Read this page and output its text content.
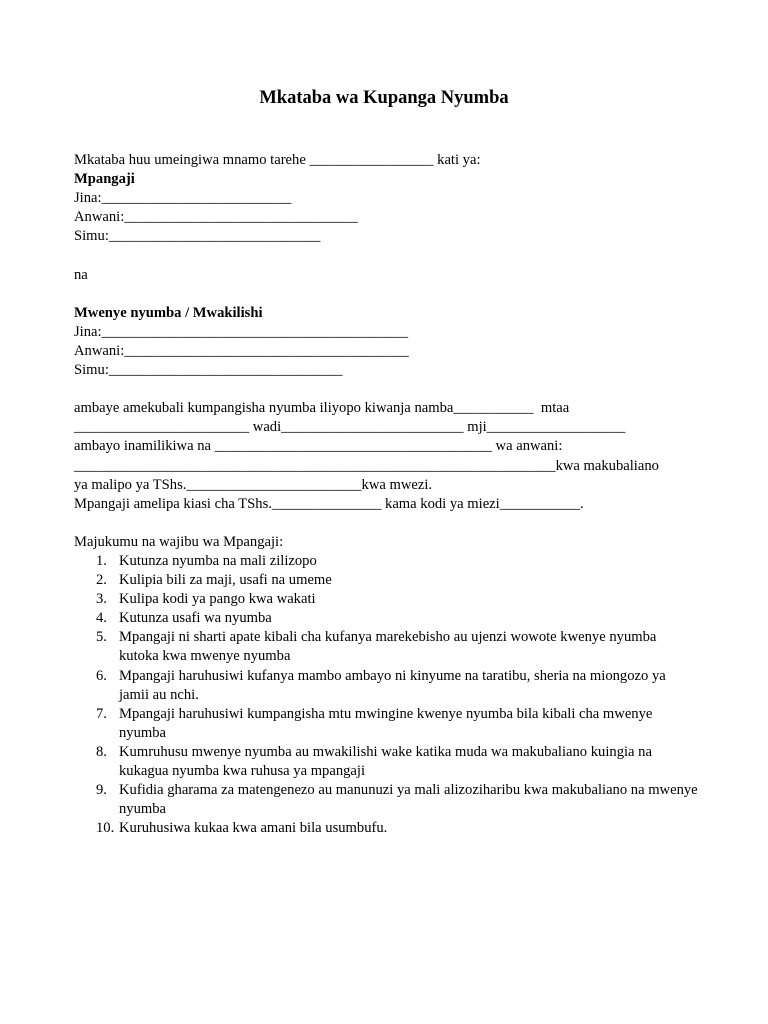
Mkataba wa Kupanga Nyumba
Mkataba huu umeingiwa mnamo tarehe _________________ kati ya:
Mpangaji
Jina:__________________________
Anwani:________________________________
Simu:_____________________________
na
Mwenye nyumba / Mwakilishi
Jina:__________________________________________
Anwani:_______________________________________
Simu:________________________________
ambaye amekubali kumpangisha nyumba iliyopo kiwanja namba___________  mtaa
________________________ wadi_________________________ mji___________________
ambayo inamilikiwa na ______________________________________ wa anwani:
__________________________________________________________________kwa makubaliano
ya malipo ya TShs.________________________kwa mwezi.
Mpangaji amelipa kiasi cha TShs._______________ kama kodi ya miezi___________.
Majukumu na wajibu wa Mpangaji:
1. Kutunza nyumba na mali zilizopo
2. Kulipia bili za maji, usafi na umeme
3. Kulipa kodi ya pango kwa wakati
4. Kutunza usafi wa nyumba
5. Mpangaji ni sharti apate kibali cha kufanya marekebisho au ujenzi wowote kwenye nyumba kutoka kwa mwenye nyumba
6. Mpangaji haruhusiwi kufanya mambo ambayo ni kinyume na taratibu, sheria na miongozo ya jamii au nchi.
7. Mpangaji haruhusiwi kumpangisha mtu mwingine kwenye nyumba bila kibali cha mwenye nyumba
8. Kumruhusu mwenye nyumba au mwakilishi wake katika muda wa makubaliano kuingia na kukagua nyumba kwa ruhusa ya mpangaji
9. Kufidia gharama za matengenezo au manunuzi ya mali alizoziharibu kwa makubaliano na mwenye nyumba
10. Kuruhusiwa kukaa kwa amani bila usumbufu.
